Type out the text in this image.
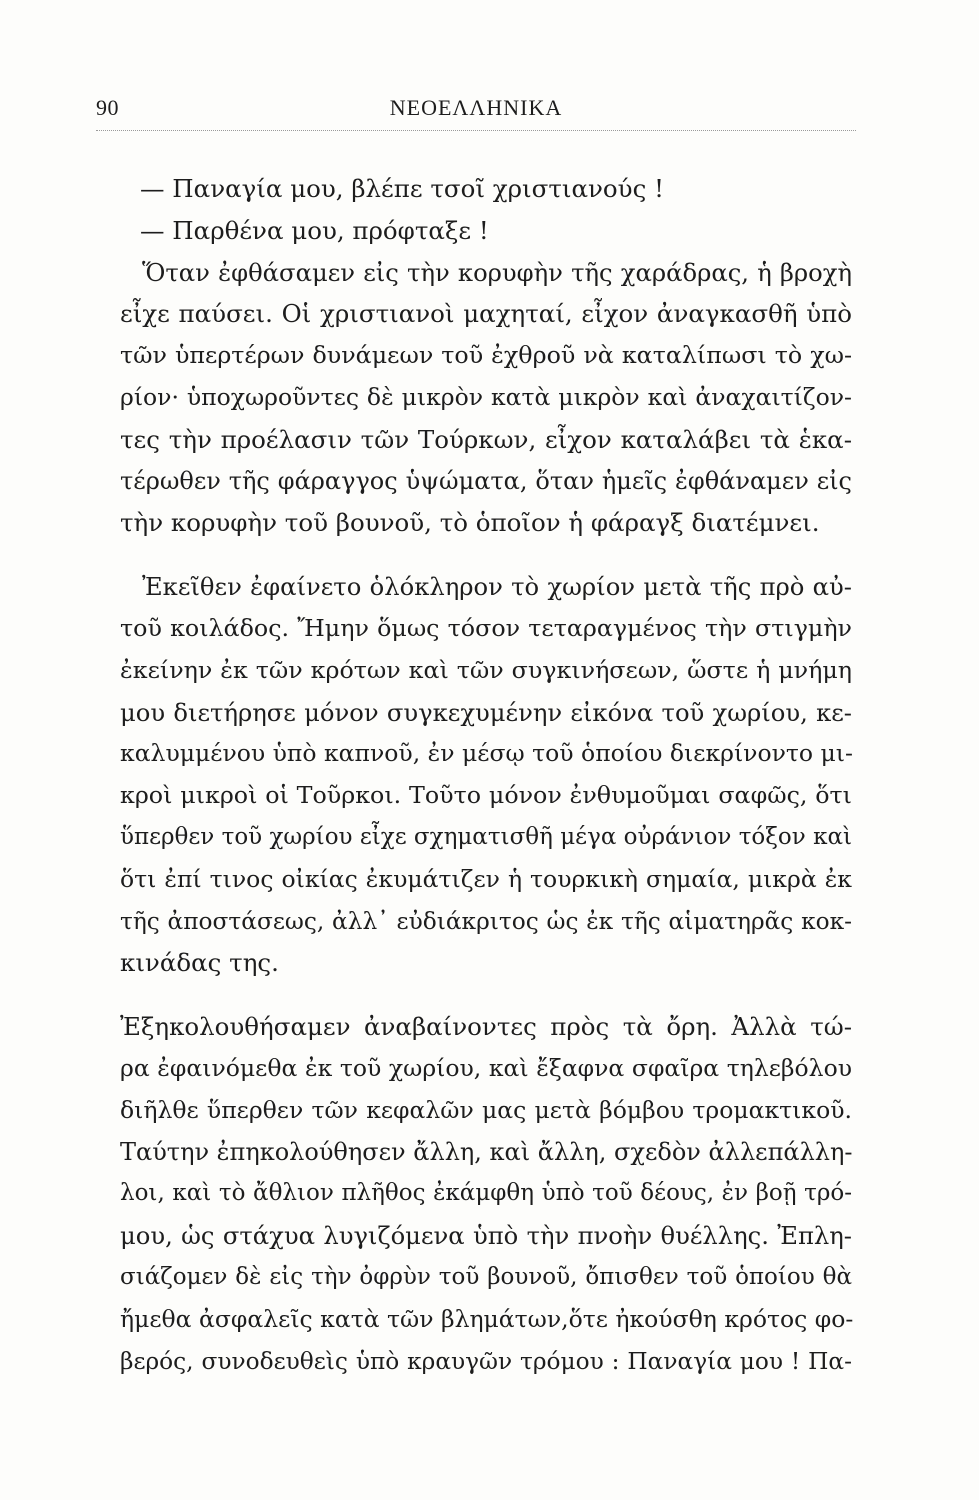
90	ΝΕΟΕΛΛΗΝΙΚΑ
— Παναγία μου, βλέπε τσοῖ χριστιανούς !
— Παρθένα μου, πρόφταξε !
Ὅταν ἐφθάσαμεν εἰς τὴν κορυφὴν τῆς χαράδρας, ἡ βροχὴ
εἶχε παύσει. Οἱ χριστιανοὶ μαχηταί, εἶχον ἀναγκασθῆ ὑπὸ
τῶν ὑπερτέρων δυνάμεων τοῦ ἐχθροῦ νὰ καταλίπωσι τὸ χω-
ρίον· ὑποχωροῦντες δὲ μικρὸν κατὰ μικρὸν καὶ ἀναχαιτίζον-
τες τὴν προέλασιν τῶν Τούρκων, εἶχον καταλάβει τὰ ἑκα-
τέρωθεν τῆς φάραγγος ὑψώματα, ὅταν ἡμεῖς ἐφθάναμεν εἰς
τὴν κορυφὴν τοῦ βουνοῦ, τὸ ὁποῖον ἡ φάραγξ διατέμνει.
Ἐκεῖθεν ἐφαίνετο ὁλόκληρον τὸ χωρίον μετὰ τῆς πρὸ αὐ-
τοῦ κοιλάδος. Ἤμην ὅμως τόσον τεταραγμένος τὴν στιγμὴν
ἐκείνην ἐκ τῶν κρότων καὶ τῶν συγκινήσεων, ὥστε ἡ μνήμη
μου διετήρησε μόνον συγκεχυμένην εἰκόνα τοῦ χωρίου, κε-
καλυμμένου ὑπὸ καπνοῦ, ἐν μέσῳ τοῦ ὁποίου διεκρίνοντο μι-
κροὶ μικροὶ οἱ Τοῦρκοι. Τοῦτο μόνον ἐνθυμοῦμαι σαφῶς, ὅτι
ὕπερθεν τοῦ χωρίου εἶχε σχηματισθῆ μέγα οὐράνιον τόξον καὶ
ὅτι ἐπί τινος οἰκίας ἐκυμάτιζεν ἡ τουρκικὴ σημαία, μικρὰ ἐκ
τῆς ἀποστάσεως, ἀλλ᾽ εὐδιάκριτος ὡς ἐκ τῆς αἱματηρᾶς κοκ-
κινάδας της.
Ἐξηκολουθήσαμεν ἀναβαίνοντες πρὸς τὰ ὄρη. Ἀλλὰ τώ-
ρα ἐφαινόμεθα ἐκ τοῦ χωρίου, καὶ ἔξαφνα σφαῖρα τηλεβόλου
διῆλθε ὕπερθεν τῶν κεφαλῶν μας μετὰ βόμβου τρομακτικοῦ.
Ταύτην ἐπηκολούθησεν ἄλλη, καὶ ἄλλη, σχεδὸν ἀλλεπάλλη-
λοι, καὶ τὸ ἄθλιον πλῆθος ἐκάμφθη ὑπὸ τοῦ δέους, ἐν βοῇ τρό-
μου, ὡς στάχυα λυγιζόμενα ὑπὸ τὴν πνοὴν θυέλλης. Ἐπλη-
σιάζομεν δὲ εἰς τὴν ὀφρὺν τοῦ βουνοῦ, ὄπισθεν τοῦ ὁποίου θὰ
ἤμεθα ἀσφαλεῖς κατὰ τῶν βλημάτων,ὅτε ἠκούσθη κρότος φο-
βερός, συνοδευθεὶς ὑπὸ κραυγῶν τρόμου : Παναγία μου ! Πα-
